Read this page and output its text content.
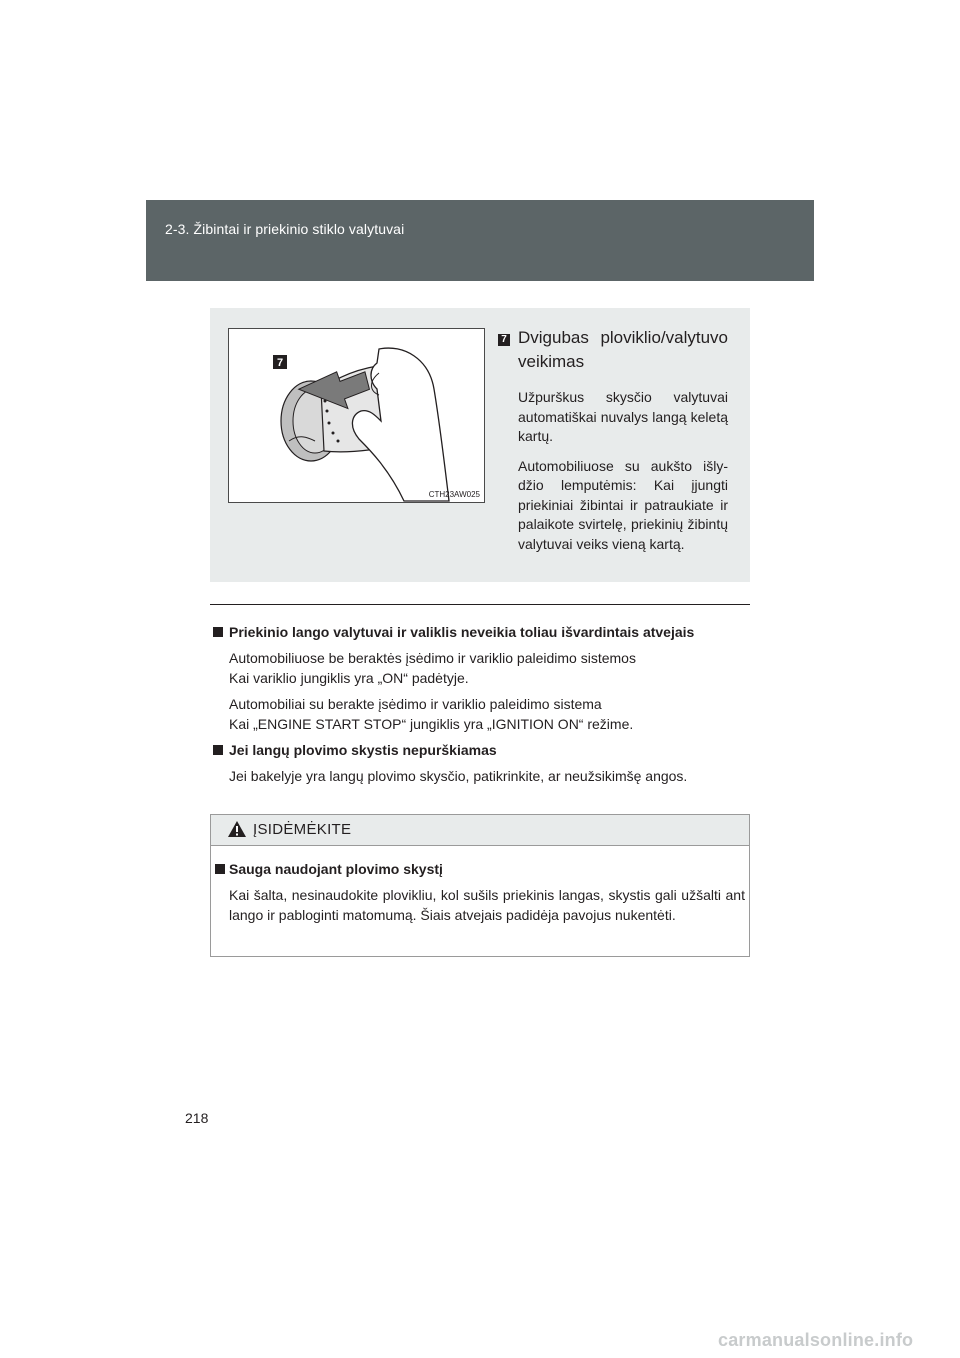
2-3. Žibintai ir priekinio stiklo valytuvai
7
CTH23AW025
7 Dvigubas ploviklio/valytuvo veikimas

Užpurškus skysčio valytuvai automatiškai nuvalys langą keletą kartų.

Automobiliuose su aukšto išly-džio lemputėmis: Kai įjungti priekiniai žibintai ir patraukiate ir palaikote svirtelę, priekinių žibintų valytuvai veiks vieną kartą.

Priekinio lango valytuvai ir valiklis neveikia toliau išvardintais atvejais

Automobiliuose be beraktės įsėdimo ir variklio paleidimo sistemos

Kai variklio jungiklis yra „ON“ padėtyje.

Automobiliai su berakte įsėdimo ir variklio paleidimo sistema

Kai „ENGINE START STOP“ jungiklis yra „IGNITION ON“ režime.

Jei langų plovimo skystis nepurškiamas

Jei bakelyje yra langų plovimo skysčio, patikrinkite, ar neužsikimšę angos.

ĮSIDĖMĖKITE

Sauga naudojant plovimo skystį

Kai šalta, nesinaudokite plovikliu, kol sušils priekinis langas, skystis gali užšalti ant lango ir pabloginti matomumą. Šiais atvejais padidėja pavojus nukentėti.

218
carmanualsonline.info
